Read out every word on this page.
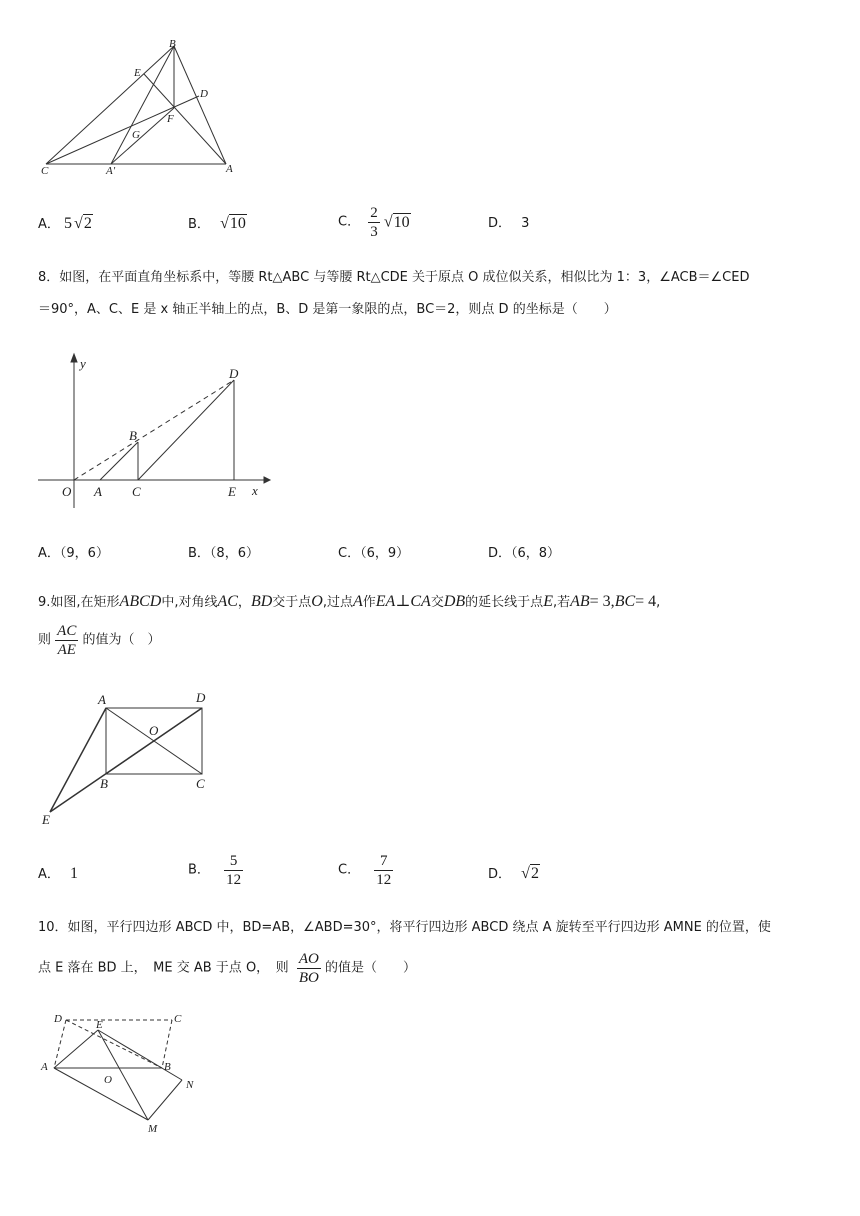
B
E
D
F
G
C	A′	A
A． 5 √2	B． √10	C． $\frac{2}{3} √10$	D． 3
8．如图，在平面直角坐标系中，等腰 Rt△ABC 与等腰 Rt△CDE 关于原点 O 成位似关系，相似比为 1：3，∠ACB＝∠CED
＝90°，A、C、E 是 x 轴正半轴上的点，B、D 是第一象限的点，BC＝2，则点 D 的坐标是（　　）
y
x
O A C	E
B
D
A．（9，6）	B．（8，6）	C．（6，9）	D．（6，8）
9.如图,在矩形ABCD中,对角线AC，BD交于点O,过点A作EA⊥CA交DB的延长线于点E,若AB= 3,BC= 4,
则 $\frac{AC}{AE}$ 的值为（　）
A	D
O
B	C
E
A． 1	B． $\frac{5}{12}$	C． $\frac{7}{12}$	D． √2
10．如图，平行四边形 ABCD 中，BD=AB，∠ABD=30°，将平行四边形 ABCD 绕点 A 旋转至平行四边形 AMNE 的位置，使
点 E 落在 BD 上，　ME 交 AB 于点 O，　则 $\frac{AO}{BO}$ 的值是（　　）
D	E	C
A
O
B
N
M
